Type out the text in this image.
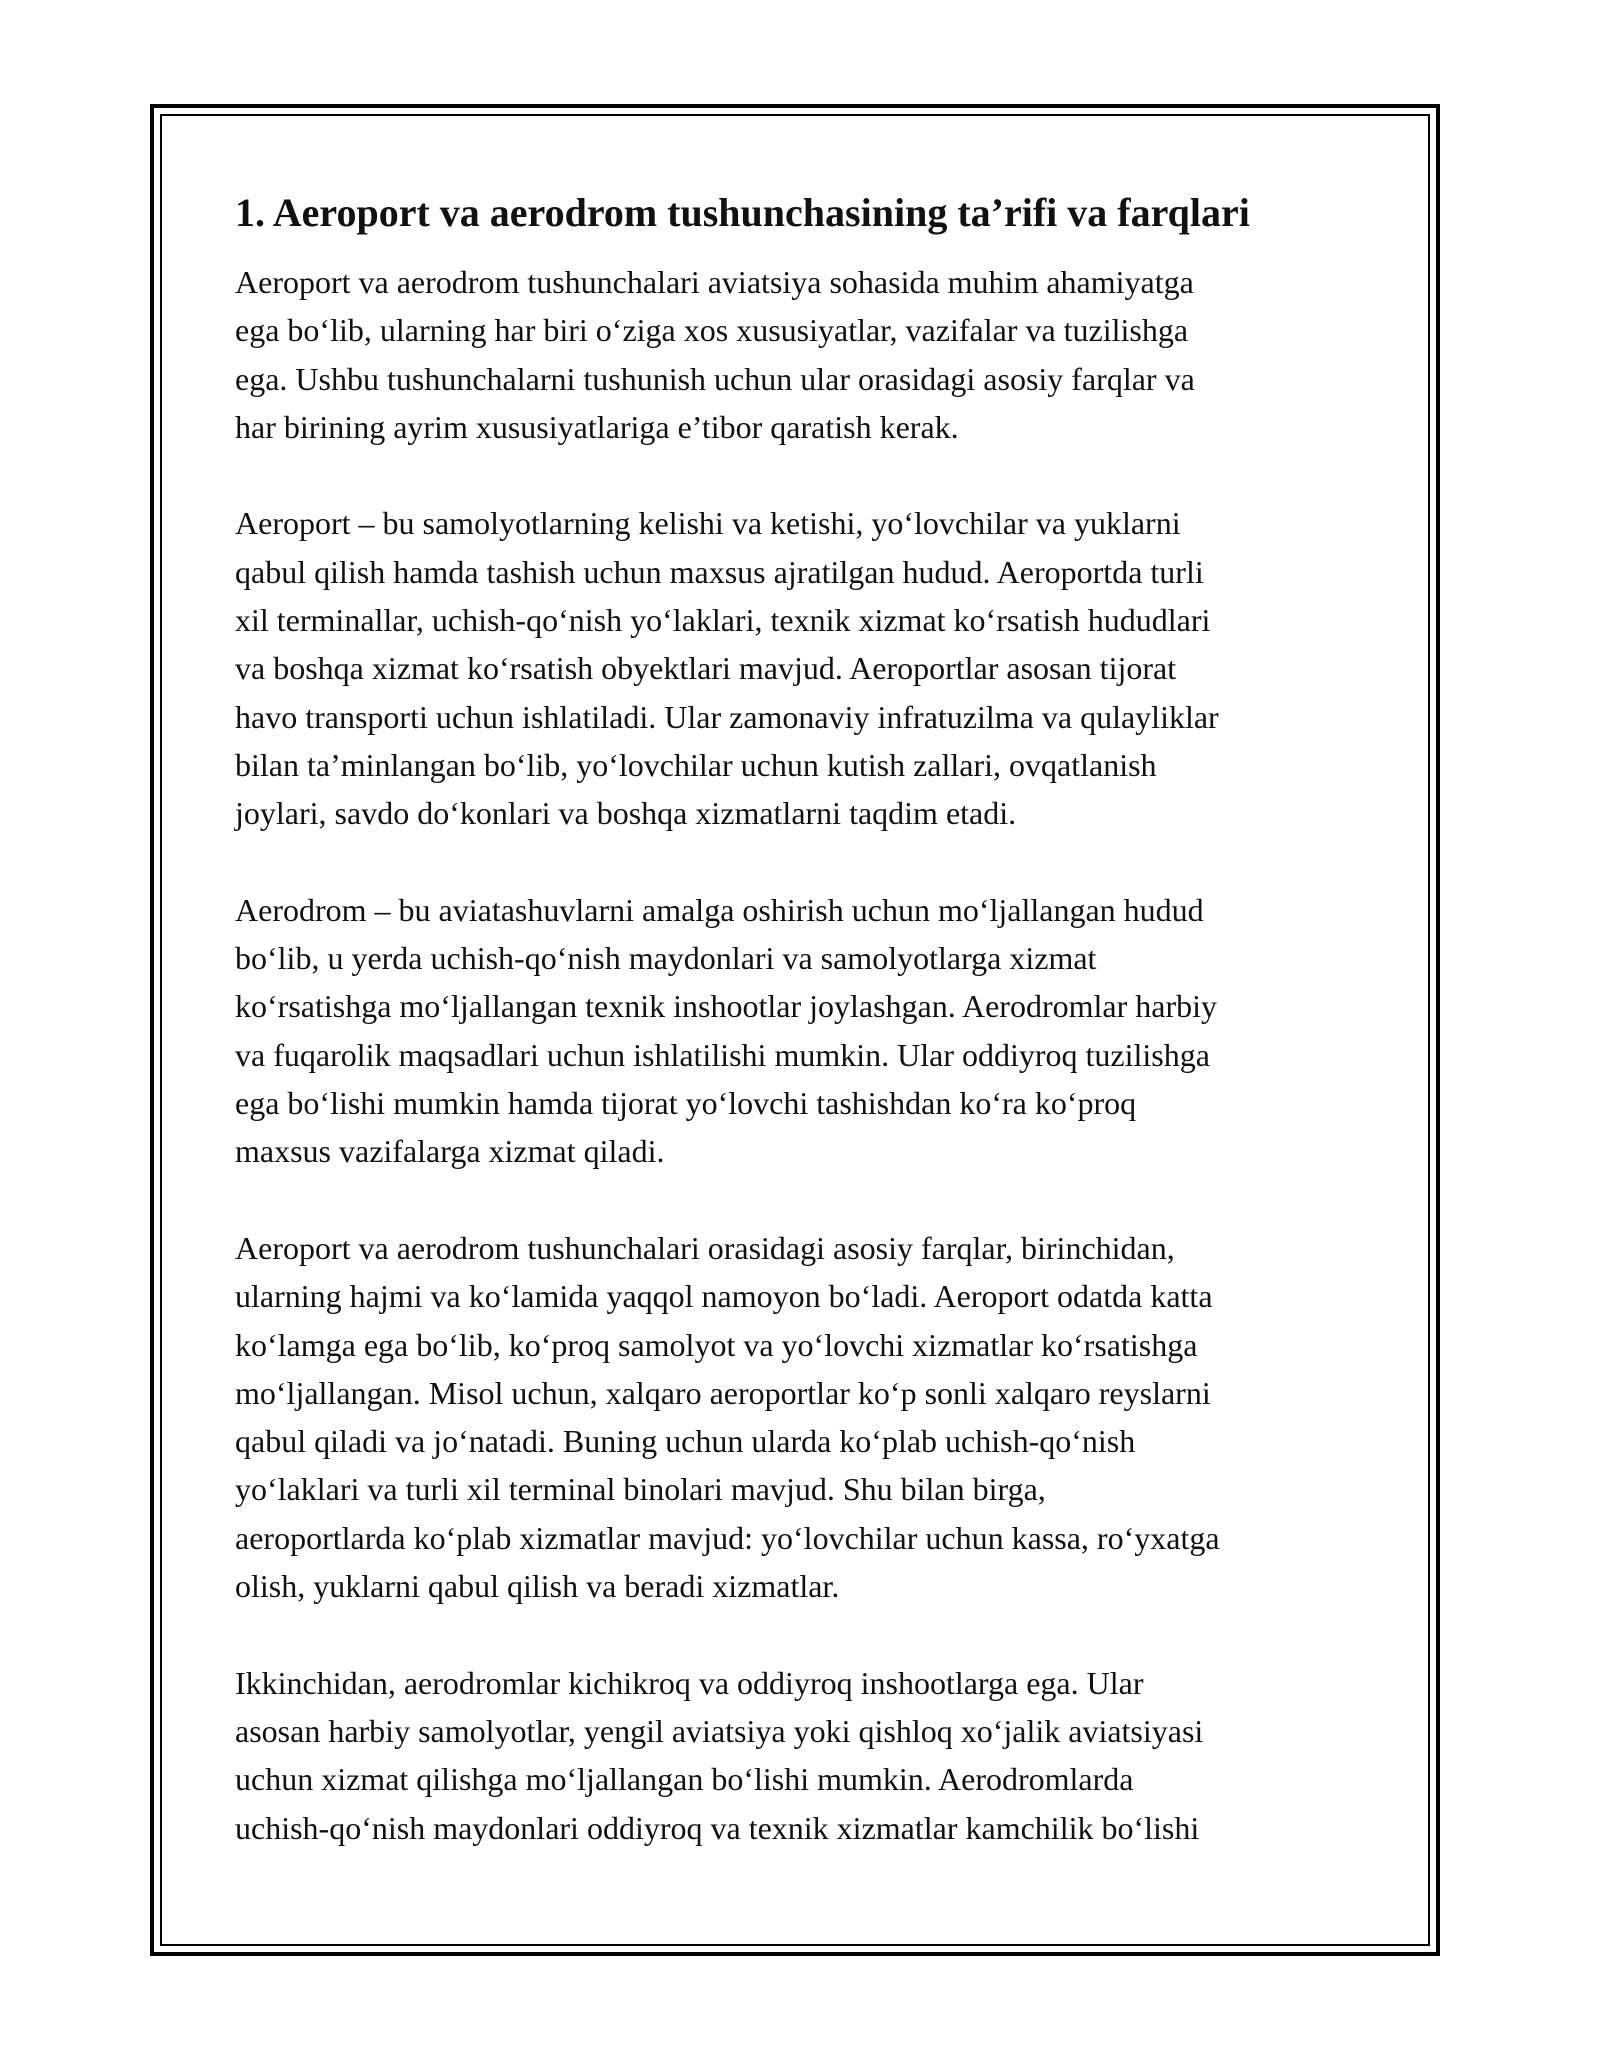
1. Aeroport va aerodrom tushunchasining ta’rifi va farqlari

Aeroport va aerodrom tushunchalari aviatsiya sohasida muhim ahamiyatga
ega bo‘lib, ularning har biri o‘ziga xos xususiyatlar, vazifalar va tuzilishga
ega. Ushbu tushunchalarni tushunish uchun ular orasidagi asosiy farqlar va
har birining ayrim xususiyatlariga e’tibor qaratish kerak.

Aeroport – bu samolyotlarning kelishi va ketishi, yo‘lovchilar va yuklarni
qabul qilish hamda tashish uchun maxsus ajratilgan hudud. Aeroportda turli
xil terminallar, uchish-qo‘nish yo‘laklari, texnik xizmat ko‘rsatish hududlari
va boshqa xizmat ko‘rsatish obyektlari mavjud. Aeroportlar asosan tijorat
havo transporti uchun ishlatiladi. Ular zamonaviy infratuzilma va qulayliklar
bilan ta’minlangan bo‘lib, yo‘lovchilar uchun kutish zallari, ovqatlanish
joylari, savdo do‘konlari va boshqa xizmatlarni taqdim etadi.

Aerodrom – bu aviatashuvlarni amalga oshirish uchun mo‘ljallangan hudud
bo‘lib, u yerda uchish-qo‘nish maydonlari va samolyotlarga xizmat
ko‘rsatishga mo‘ljallangan texnik inshootlar joylashgan. Aerodromlar harbiy
va fuqarolik maqsadlari uchun ishlatilishi mumkin. Ular oddiyroq tuzilishga
ega bo‘lishi mumkin hamda tijorat yo‘lovchi tashishdan ko‘ra ko‘proq
maxsus vazifalarga xizmat qiladi.

Aeroport va aerodrom tushunchalari orasidagi asosiy farqlar, birinchidan,
ularning hajmi va ko‘lamida yaqqol namoyon bo‘ladi. Aeroport odatda katta
ko‘lamga ega bo‘lib, ko‘proq samolyot va yo‘lovchi xizmatlar ko‘rsatishga
mo‘ljallangan. Misol uchun, xalqaro aeroportlar ko‘p sonli xalqaro reyslarni
qabul qiladi va jo‘natadi. Buning uchun ularda ko‘plab uchish-qo‘nish
yo‘laklari va turli xil terminal binolari mavjud. Shu bilan birga,
aeroportlarda ko‘plab xizmatlar mavjud: yo‘lovchilar uchun kassa, ro‘yxatga
olish, yuklarni qabul qilish va beradi xizmatlar.

Ikkinchidan, aerodromlar kichikroq va oddiyroq inshootlarga ega. Ular
asosan harbiy samolyotlar, yengil aviatsiya yoki qishloq xo‘jalik aviatsiyasi
uchun xizmat qilishga mo‘ljallangan bo‘lishi mumkin. Aerodromlarda
uchish-qo‘nish maydonlari oddiyroq va texnik xizmatlar kamchilik bo‘lishi
